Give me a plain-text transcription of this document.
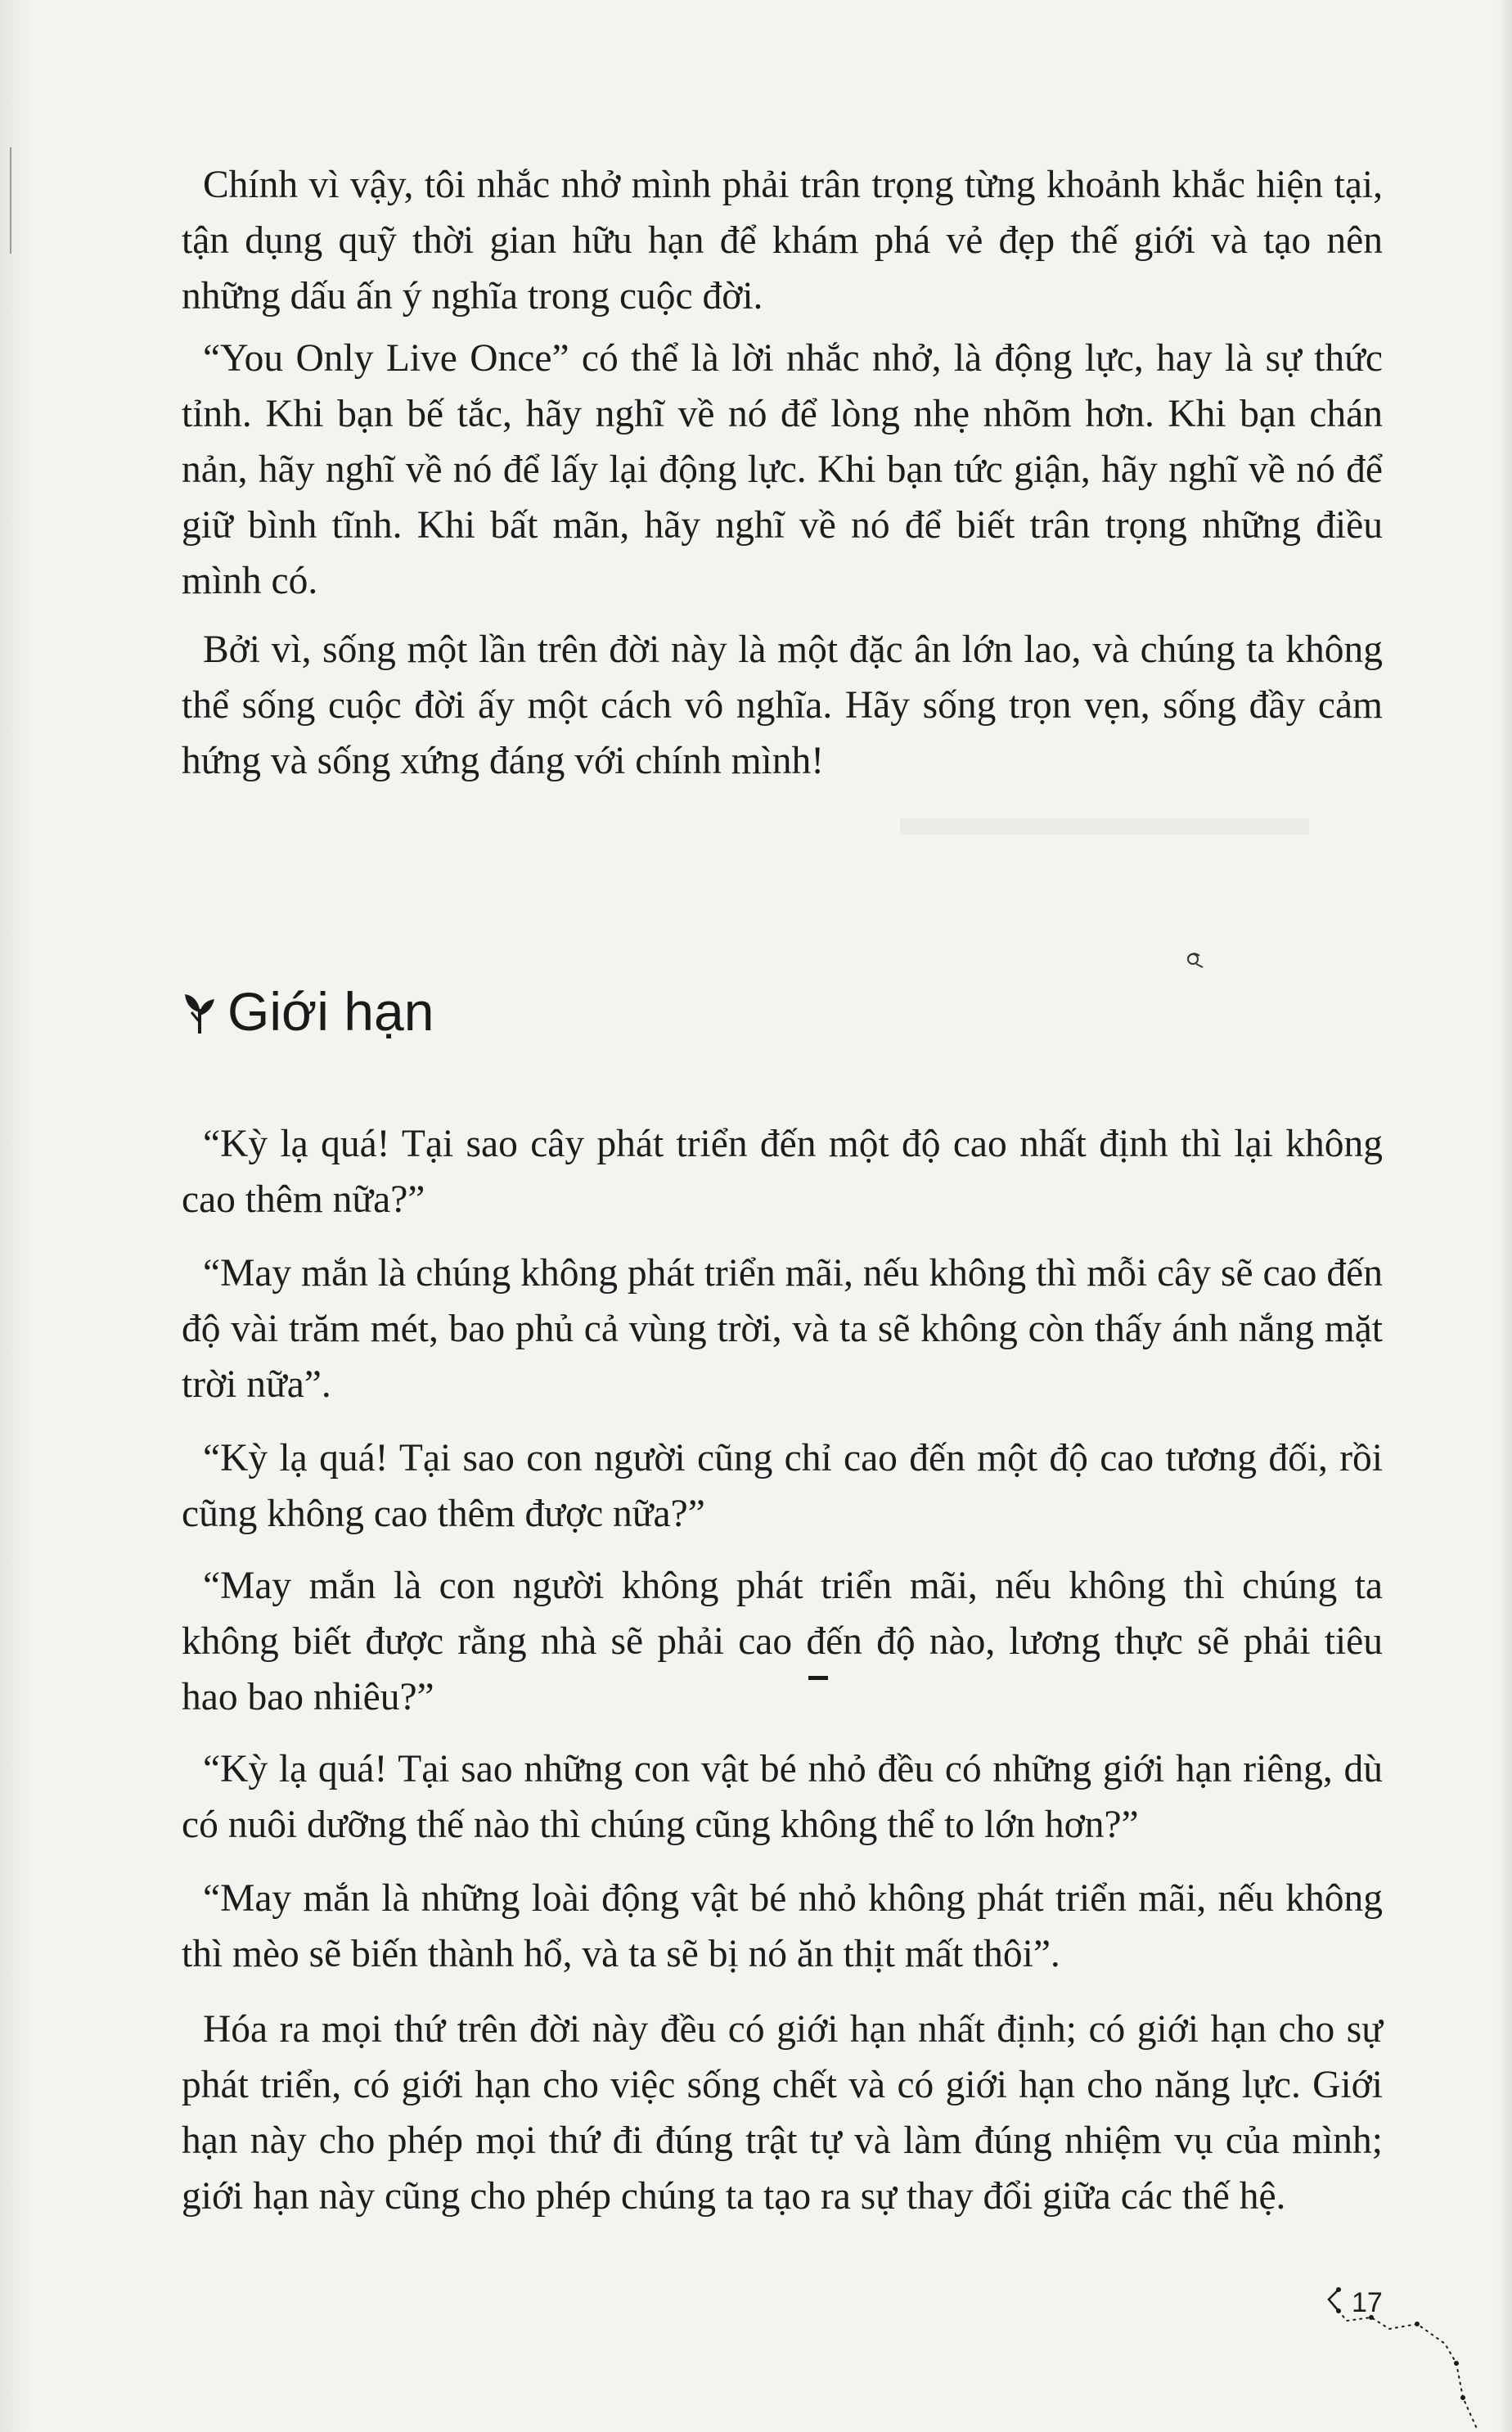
Chính vì vậy, tôi nhắc nhở mình phải trân trọng từng khoảnh khắc hiện tại, tận dụng quỹ thời gian hữu hạn để khám phá vẻ đẹp thế giới và tạo nên những dấu ấn ý nghĩa trong cuộc đời.

“You Only Live Once” có thể là lời nhắc nhở, là động lực, hay là sự thức tỉnh. Khi bạn bế tắc, hãy nghĩ về nó để lòng nhẹ nhõm hơn. Khi bạn chán nản, hãy nghĩ về nó để lấy lại động lực. Khi bạn tức giận, hãy nghĩ về nó để giữ bình tĩnh. Khi bất mãn, hãy nghĩ về nó để biết trân trọng những điều mình có.

Bởi vì, sống một lần trên đời này là một đặc ân lớn lao, và chúng ta không thể sống cuộc đời ấy một cách vô nghĩa. Hãy sống trọn vẹn, sống đầy cảm hứng và sống xứng đáng với chính mình!

Giới hạn

“Kỳ lạ quá! Tại sao cây phát triển đến một độ cao nhất định thì lại không cao thêm nữa?”

“May mắn là chúng không phát triển mãi, nếu không thì mỗi cây sẽ cao đến độ vài trăm mét, bao phủ cả vùng trời, và ta sẽ không còn thấy ánh nắng mặt trời nữa”.

“Kỳ lạ quá! Tại sao con người cũng chỉ cao đến một độ cao tương đối, rồi cũng không cao thêm được nữa?”

“May mắn là con người không phát triển mãi, nếu không thì chúng ta không biết được rằng nhà sẽ phải cao đến độ nào, lương thực sẽ phải tiêu hao bao nhiêu?”

“Kỳ lạ quá! Tại sao những con vật bé nhỏ đều có những giới hạn riêng, dù có nuôi dưỡng thế nào thì chúng cũng không thể to lớn hơn?”

“May mắn là những loài động vật bé nhỏ không phát triển mãi, nếu không thì mèo sẽ biến thành hổ, và ta sẽ bị nó ăn thịt mất thôi”.

Hóa ra mọi thứ trên đời này đều có giới hạn nhất định; có giới hạn cho sự phát triển, có giới hạn cho việc sống chết và có giới hạn cho năng lực. Giới hạn này cho phép mọi thứ đi đúng trật tự và làm đúng nhiệm vụ của mình; giới hạn này cũng cho phép chúng ta tạo ra sự thay đổi giữa các thế hệ.

17
